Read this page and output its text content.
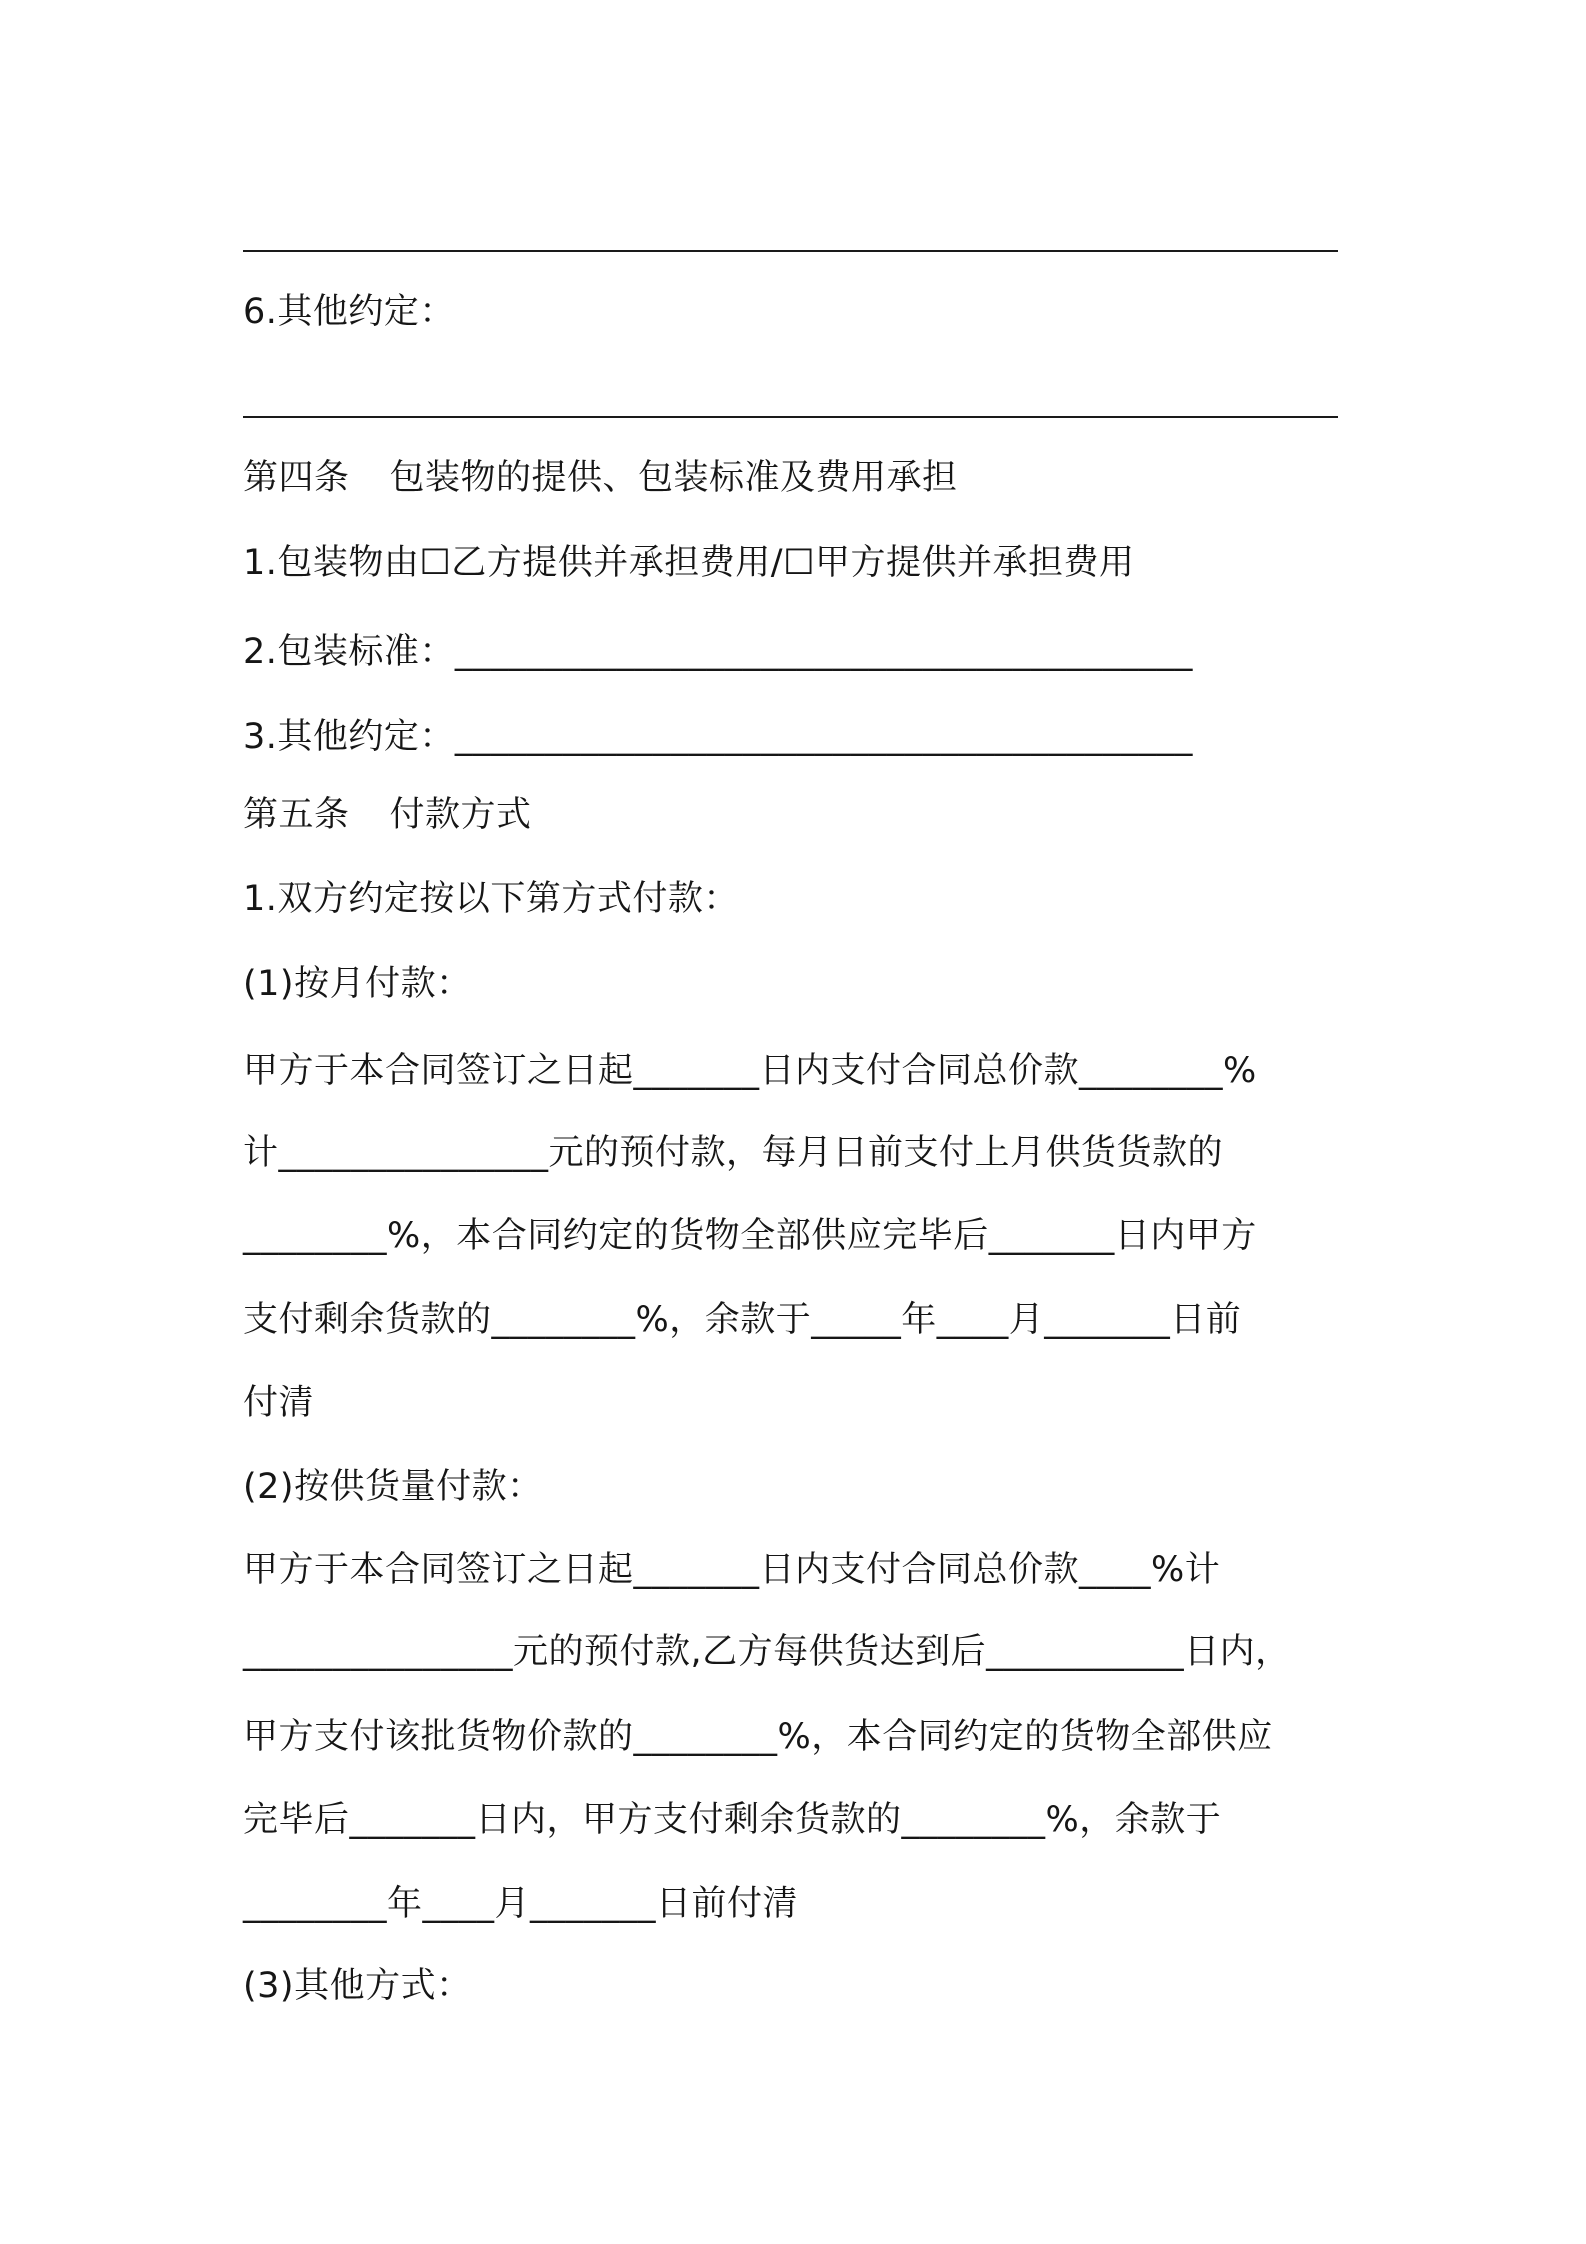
6.其他约定：
第四条 包装物的提供、包装标准及费用承担
1.包装物由☐乙方提供并承担费用/☐甲方提供并承担费用
2.包装标准：_________________________________________
3.其他约定：_________________________________________
第五条 付款方式
1.双方约定按以下第方式付款：
(1)按月付款：
甲方于本合同签订之日起_______日内支付合同总价款________%
计_______________元的预付款，每月日前支付上月供货货款的
________%，本合同约定的货物全部供应完毕后_______日内甲方
支付剩余货款的________%，余款于_____年____月_______日前
付清
(2)按供货量付款：
甲方于本合同签订之日起_______日内支付合同总价款____%计
_______________元的预付款,乙方每供货达到后___________日内，
甲方支付该批货物价款的________%，本合同约定的货物全部供应
完毕后_______日内，甲方支付剩余货款的________%，余款于
________年____月_______日前付清
(3)其他方式：
